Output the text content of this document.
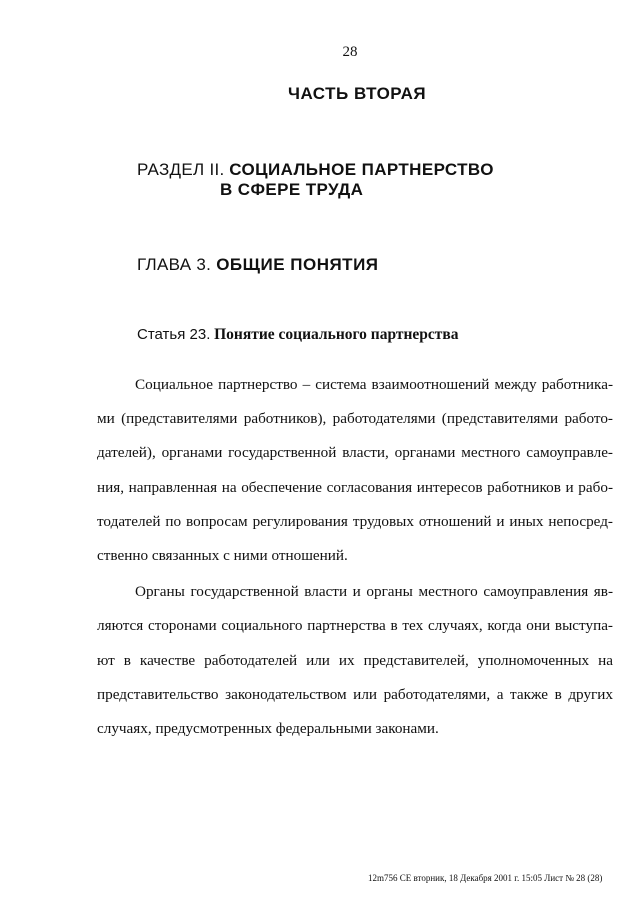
28
ЧАСТЬ ВТОРАЯ
РАЗДЕЛ II. СОЦИАЛЬНОЕ ПАРТНЕРСТВО
В СФЕРЕ ТРУДА
ГЛАВА 3. ОБЩИЕ ПОНЯТИЯ
Статья 23. Понятие социального партнерства
Социальное партнерство – система взаимоотношений между работника-
ми (представителями работников), работодателями (представителями работо-
дателей), органами государственной власти, органами местного самоуправле-
ния, направленная на обеспечение согласования интересов работников и рабо-
тодателей по вопросам регулирования трудовых отношений и иных непосред-
ственно связанных с ними отношений.
Органы государственной власти и органы местного самоуправления яв-
ляются сторонами социального партнерства в тех случаях, когда они выступа-
ют в качестве работодателей или их представителей, уполномоченных на
представительство законодательством или работодателями, а также в других
случаях, предусмотренных федеральными законами.
12m756 CE вторник, 18 Декабря 2001 г. 15:05 Лист № 28 (28)
